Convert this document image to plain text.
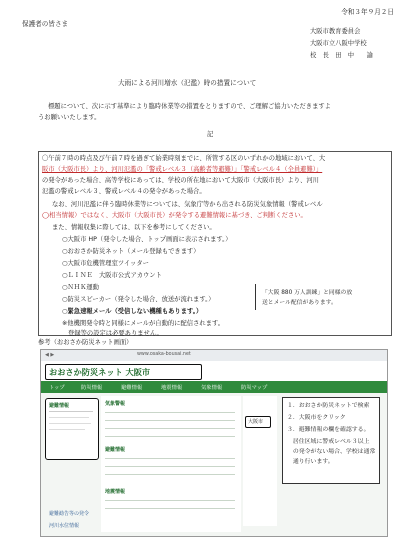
令和３年９月２日
保護者の皆さま
大阪市教育委員会
大阪市立八阪中学校
校　長　田　中　　諭
大雨による河川増水（氾濫）時の措置について
標題について、次に示す基準により臨時休業等の措置をとりますので、ご理解ご協力いただきますよ
うお願いいたします。
記
〇午前７時の時点及び午前７時を過ぎて始業時刻までに、所管する区のいずれかの地域において、大
阪市（大阪市長）より、河川氾濫の「警戒レベル３（高齢者等避難）」「警戒レベル４（全員避難）」
の発令があった場合、高等学校にあっては、学校の所在地において大阪市（大阪市長）より、河川
氾濫の警戒レベル３、警戒レベル４の発令があった場合。
なお、河川氾濫に伴う臨時休業等については、気象庁等から出される防災気象情報（警戒レベル
◯相当情報）ではなく、大阪市（大阪市長）が発令する避難情報に基づき、ご判断ください。
また、情報収集に際しては、以下を参考にしてください。
○大阪市 HP（発令した場合、トップ画面に表示されます。）
○おおさか防災ネット（メール登録もできます）
○大阪市危機管理室ツイッター
○ＬＩＮＥ　大阪市公式アカウント
○ＮＨＫ運動
○防災スピーカー（発令した場合、放送が流れます。）
○緊急速報メール（受信しない機種もあります。）
「大阪 880 万人訓練」と同様の放
送とメール配信があります。
※他機関発令時と同様にメールが自動的に配信されます。
登録等の設定は必要ありません。
参考（おおさか防災ネット画面）
◀ ▶	www.osaka-bousai.net
おおさか防災ネット 大阪市
トップ	防災情報	避難情報	地震情報	気象情報	防災マップ
避難情報	気象警報
避難情報
地震情報
大阪市
避難勧告等の発令
河川水位情報
１．おおさか防災ネットで検索
２．大阪市をクリック
３．避難情報の欄を確認する。
　居住区域に警戒レベル３以上
　の発令がない場合、学校は通常
　通り行います。
